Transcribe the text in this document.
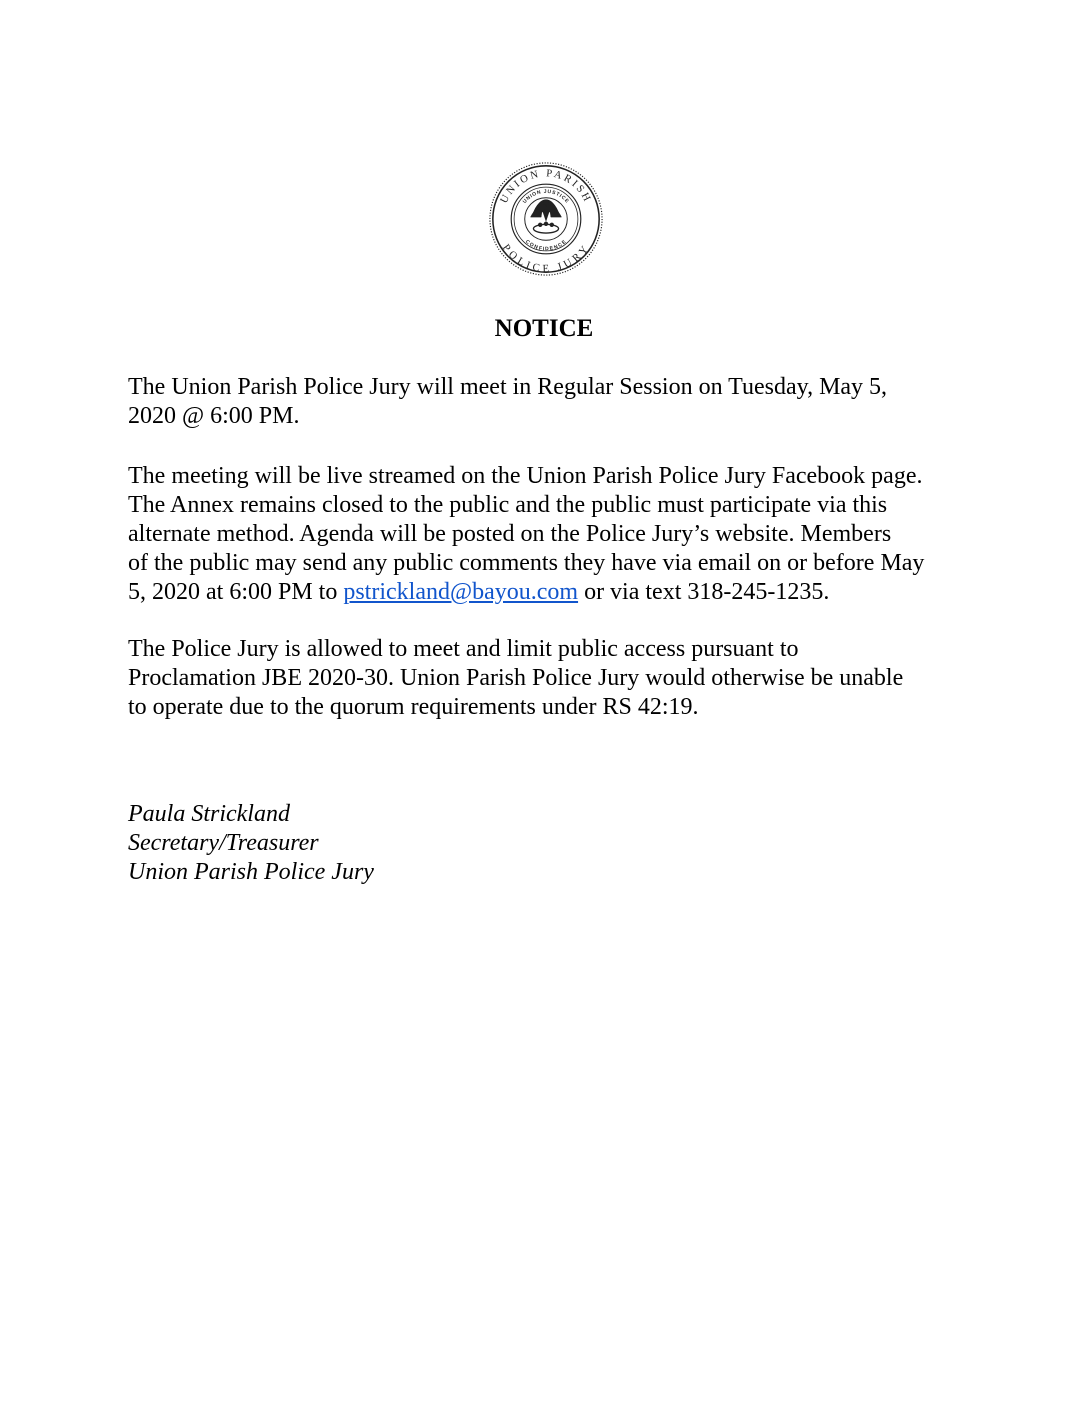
UNION PARISH
POLICE JURY
UNION JUSTICE
CONFIDENCE
NOTICE

The Union Parish Police Jury will meet in Regular Session on Tuesday, May 5,
2020 @ 6:00 PM.

The meeting will be live streamed on the Union Parish Police Jury Facebook page.
The Annex remains closed to the public and the public must participate via this
alternate method. Agenda will be posted on the Police Jury’s website. Members
of the public may send any public comments they have via email on or before May
5, 2020 at 6:00 PM to pstrickland@bayou.com or via text 318-245-1235.

The Police Jury is allowed to meet and limit public access pursuant to
Proclamation JBE 2020-30. Union Parish Police Jury would otherwise be unable
to operate due to the quorum requirements under RS 42:19.

Paula Strickland
Secretary/Treasurer
Union Parish Police Jury
